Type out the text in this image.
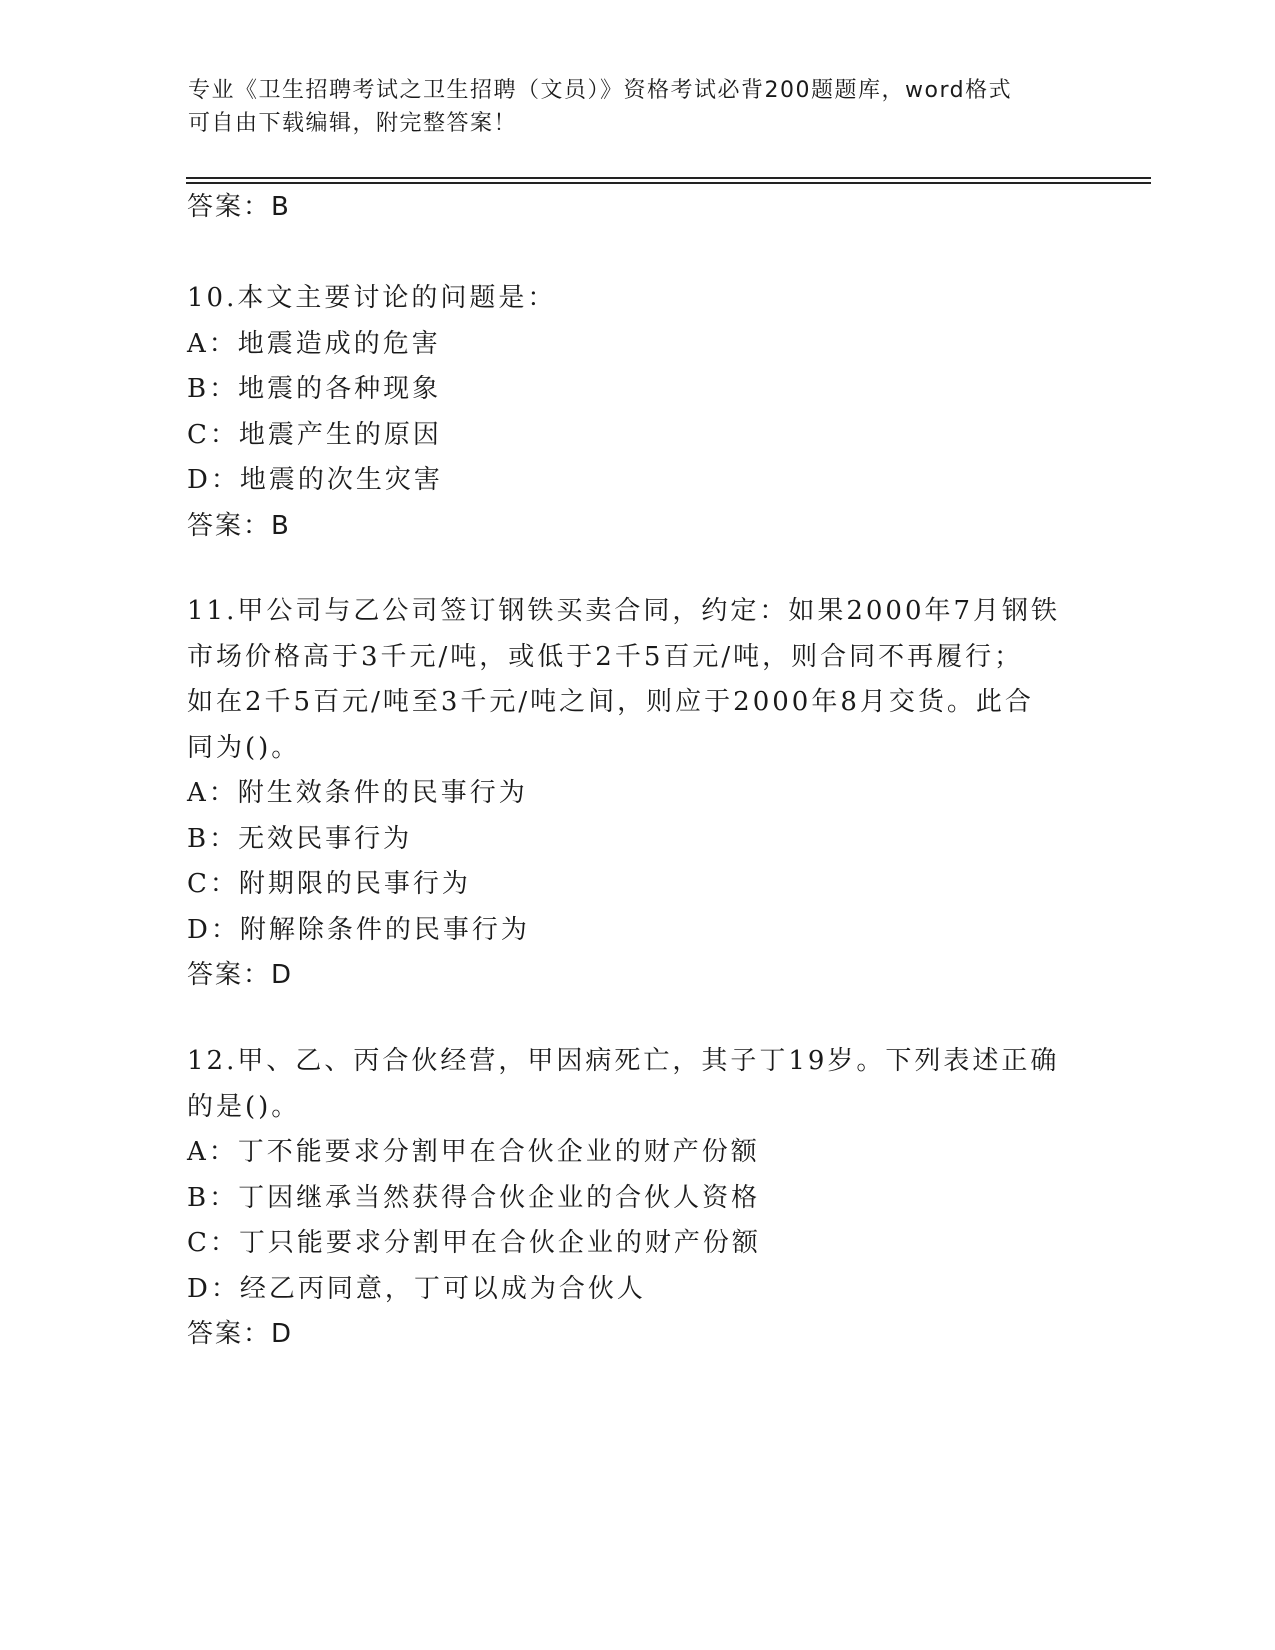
专业《卫生招聘考试之卫生招聘（文员）》资格考试必背200题题库，word格式
可自由下载编辑，附完整答案！
答案：B
10.本文主要讨论的问题是：
A：地震造成的危害
B：地震的各种现象
C：地震产生的原因
D：地震的次生灾害
答案：B
11.甲公司与乙公司签订钢铁买卖合同，约定：如果2000年7月钢铁
市场价格高于3千元/吨，或低于2千5百元/吨，则合同不再履行；
如在2千5百元/吨至3千元/吨之间，则应于2000年8月交货。此合
同为()。
A：附生效条件的民事行为
B：无效民事行为
C：附期限的民事行为
D：附解除条件的民事行为
答案：D
12.甲、乙、丙合伙经营，甲因病死亡，其子丁19岁。下列表述正确
的是()。
A：丁不能要求分割甲在合伙企业的财产份额
B：丁因继承当然获得合伙企业的合伙人资格
C：丁只能要求分割甲在合伙企业的财产份额
D：经乙丙同意，丁可以成为合伙人
答案：D
